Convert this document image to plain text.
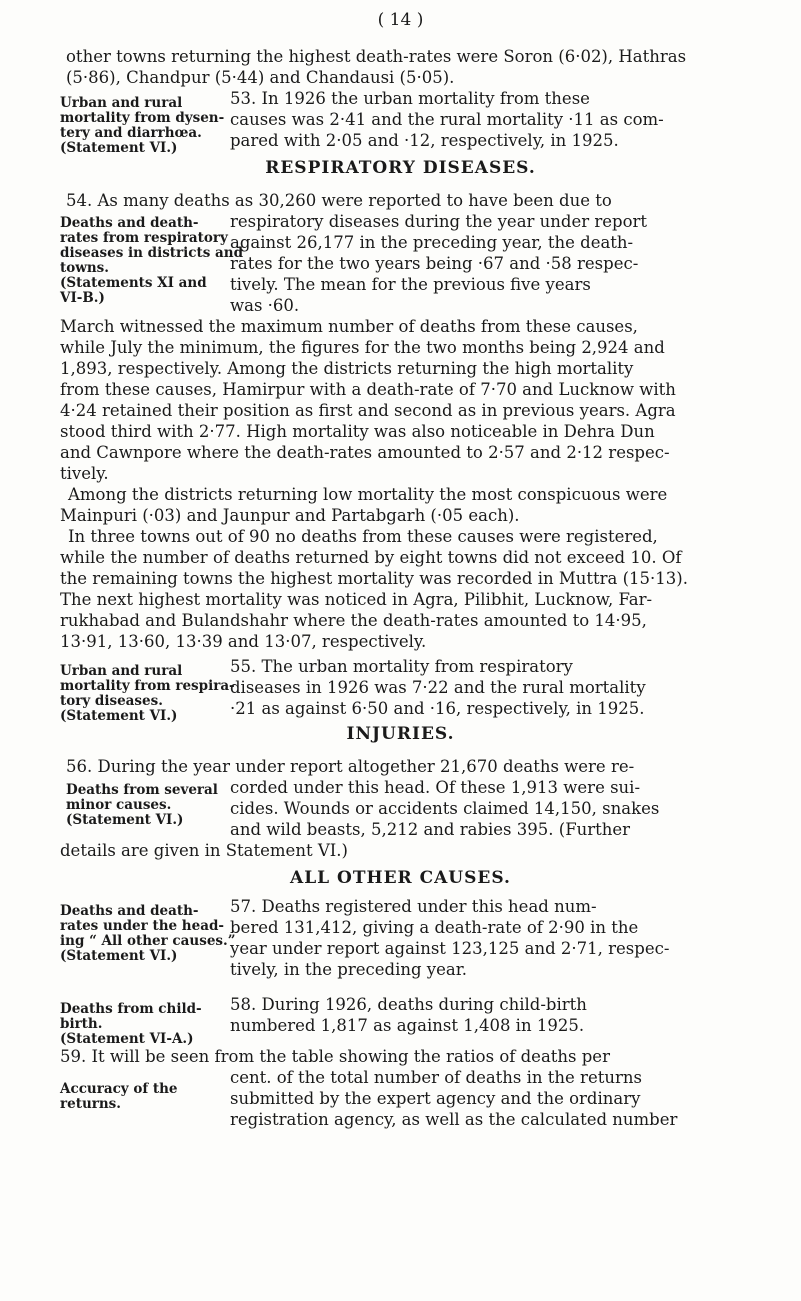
( 14 )
other towns returning the highest death-rates were Soron (6·02), Hathras
(5·86), Chandpur (5·44) and Chandausi (5·05).
Urban and rural
mortality from dysen-
tery and diarrhœa.
(Statement VI.)
53. In 1926 the urban mortality from these
causes was 2·41 and the rural mortality ·11 as com-
pared with 2·05 and ·12, respectively, in 1925.
RESPIRATORY DISEASES.
54. As many deaths as 30,260 were reported to have been due to
Deaths and death-
rates from respiratory
diseases in districts and
towns.
(Statements XI and
VI-B.)
respiratory diseases during the year under report
against 26,177 in the preceding year, the death-
rates for the two years being ·67 and ·58 respec-
tively. The mean for the previous five years
was ·60.
March witnessed the maximum number of deaths from these causes,
while July the minimum, the figures for the two months being 2,924 and
1,893, respectively. Among the districts returning the high mortality
from these causes, Hamirpur with a death-rate of 7·70 and Lucknow with
4·24 retained their position as first and second as in previous years. Agra
stood third with 2·77. High mortality was also noticeable in Dehra Dun
and Cawnpore where the death-rates amounted to 2·57 and 2·12 respec-
tively.
Among the districts returning low mortality the most conspicuous were
Mainpuri (·03) and Jaunpur and Partabgarh (·05 each).
In three towns out of 90 no deaths from these causes were registered,
while the number of deaths returned by eight towns did not exceed 10. Of
the remaining towns the highest mortality was recorded in Muttra (15·13).
The next highest mortality was noticed in Agra, Pilibhit, Lucknow, Far-
rukhabad and Bulandshahr where the death-rates amounted to 14·95,
13·91, 13·60, 13·39 and 13·07, respectively.
Urban and rural
mortality from respira-
tory diseases.
(Statement VI.)
55. The urban mortality from respiratory
diseases in 1926 was 7·22 and the rural mortality
·21 as against 6·50 and ·16, respectively, in 1925.
INJURIES.
56. During the year under report altogether 21,670 deaths were re-
Deaths from several
minor causes.
(Statement VI.)
corded under this head. Of these 1,913 were sui-
cides. Wounds or accidents claimed 14,150, snakes
and wild beasts, 5,212 and rabies 395. (Further
details are given in Statement VI.)
ALL OTHER CAUSES.
Deaths and death-
rates under the head-
ing “ All other causes.”
(Statement VI.)
57. Deaths registered under this head num-
bered 131,412, giving a death-rate of 2·90 in the
year under report against 123,125 and 2·71, respec-
tively, in the preceding year.
Deaths from child-
birth.
(Statement VI-A.)
58. During 1926, deaths during child-birth
numbered 1,817 as against 1,408 in 1925.
59. It will be seen from the table showing the ratios of deaths per
Accuracy of the
returns.
cent. of the total number of deaths in the returns
submitted by the expert agency and the ordinary
registration agency, as well as the calculated number
